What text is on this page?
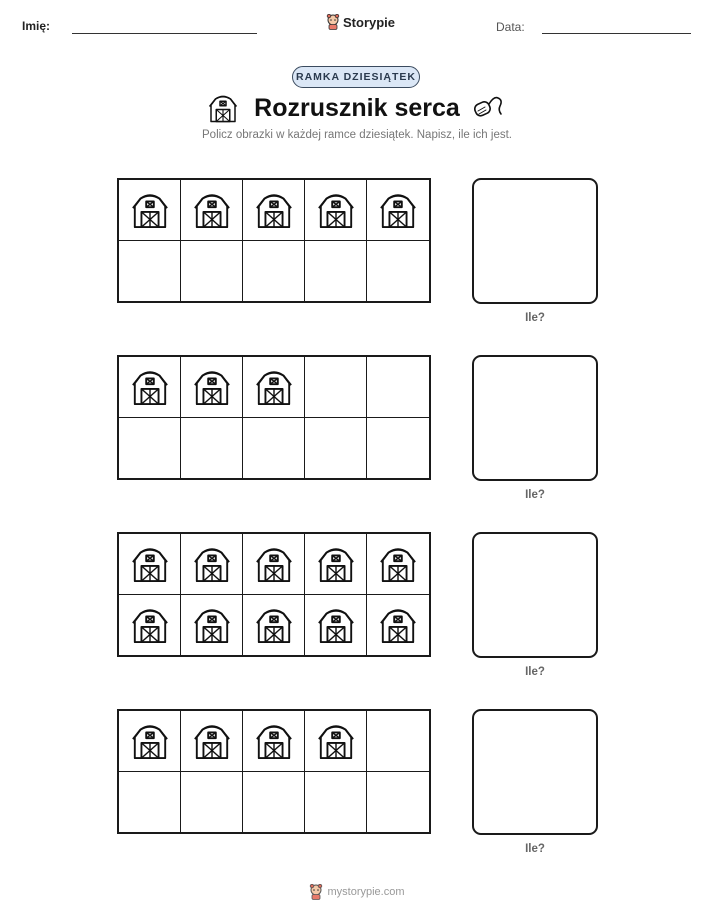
Imię:	Storypie	Data:
RAMKA DZIESIĄTEK
Rozrusznik serca
Policz obrazki w każdej ramce dziesiątek. Napisz, ile ich jest.
Ile?
Ile?
Ile?
Ile?
mystorypie.com
